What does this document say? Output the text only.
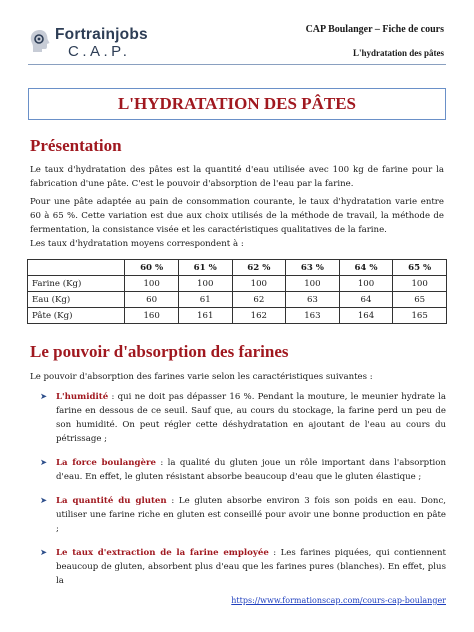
Fortrainjobs
C.A.P.
CAP Boulanger – Fiche de cours
L'hydratation des pâtes
L'HYDRATATION DES PÂTES
Présentation

Le taux d'hydratation des pâtes est la quantité d'eau utilisée avec 100 kg de farine pour la fabrication d'une pâte. C'est le pouvoir d'absorption de l'eau par la farine.

Pour une pâte adaptée au pain de consommation courante, le taux d'hydratation varie entre 60 à 65 %. Cette variation est due aux choix utilisés de la méthode de travail, la méthode de fermentation, la consistance visée et les caractéristiques qualitatives de la farine.

Les taux d'hydratation moyens correspondent à :

	60 %	61 %	62 %	63 %	64 %	65 %
Farine (Kg)	100	100	100	100	100	100
Eau (Kg)	60	61	62	63	64	65
Pâte (Kg)	160	161	162	163	164	165
Le pouvoir d'absorption des farines

Le pouvoir d'absorption des farines varie selon les caractéristiques suivantes :

➤ L'humidité : qui ne doit pas dépasser 16 %. Pendant la mouture, le meunier hydrate la farine en dessous de ce seuil. Sauf que, au cours du stockage, la farine perd un peu de son humidité. On peut régler cette déshydratation en ajoutant de l'eau au cours du pétrissage ;
➤ La force boulangère : la qualité du gluten joue un rôle important dans l'absorption d'eau. En effet, le gluten résistant absorbe beaucoup d'eau que le gluten élastique ;
➤ La quantité du gluten : Le gluten absorbe environ 3 fois son poids en eau. Donc, utiliser une farine riche en gluten est conseillé pour avoir une bonne production en pâte ;
➤ Le taux d'extraction de la farine employée : Les farines piquées, qui contiennent beaucoup de gluten, absorbent plus d'eau que les farines pures (blanches). En effet, plus la
https://www.formationscap.com/cours-cap-boulanger
